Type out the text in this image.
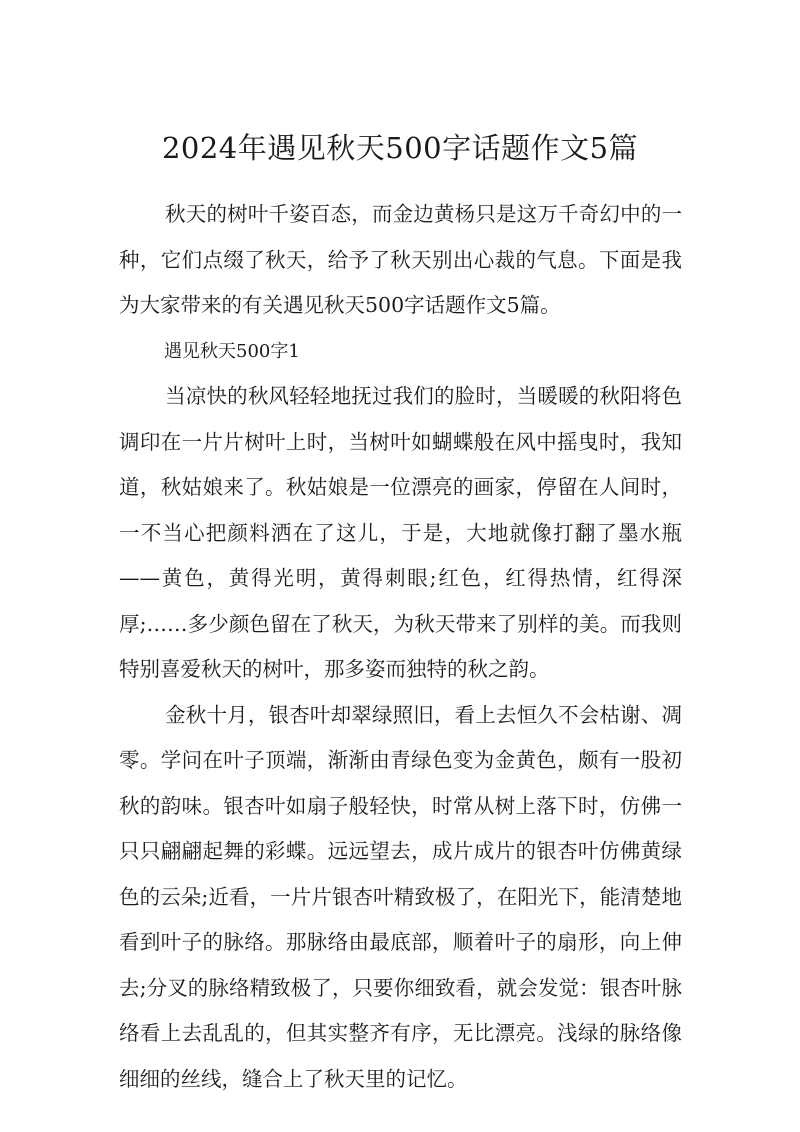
2024年遇见秋天500字话题作文5篇

秋天的树叶千姿百态，而金边黄杨只是这万千奇幻中的一种，它们点缀了秋天，给予了秋天别出心裁的气息。下面是我为大家带来的有关遇见秋天500字话题作文5篇。

遇见秋天500字1

当凉快的秋风轻轻地抚过我们的脸时，当暖暖的秋阳将色调印在一片片树叶上时，当树叶如蝴蝶般在风中摇曳时，我知道，秋姑娘来了。秋姑娘是一位漂亮的画家，停留在人间时，一不当心把颜料洒在了这儿，于是，大地就像打翻了墨水瓶——黄色，黄得光明，黄得刺眼;红色，红得热情，红得深厚;……多少颜色留在了秋天，为秋天带来了别样的美。而我则特别喜爱秋天的树叶，那多姿而独特的秋之韵。

金秋十月，银杏叶却翠绿照旧，看上去恒久不会枯谢、凋零。学问在叶子顶端，渐渐由青绿色变为金黄色，颇有一股初秋的韵味。银杏叶如扇子般轻快，时常从树上落下时，仿佛一只只翩翩起舞的彩蝶。远远望去，成片成片的银杏叶仿佛黄绿色的云朵;近看，一片片银杏叶精致极了，在阳光下，能清楚地看到叶子的脉络。那脉络由最底部，顺着叶子的扇形，向上伸去;分叉的脉络精致极了，只要你细致看，就会发觉：银杏叶脉络看上去乱乱的，但其实整齐有序，无比漂亮。浅绿的脉络像细细的丝线，缝合上了秋天里的记忆。
